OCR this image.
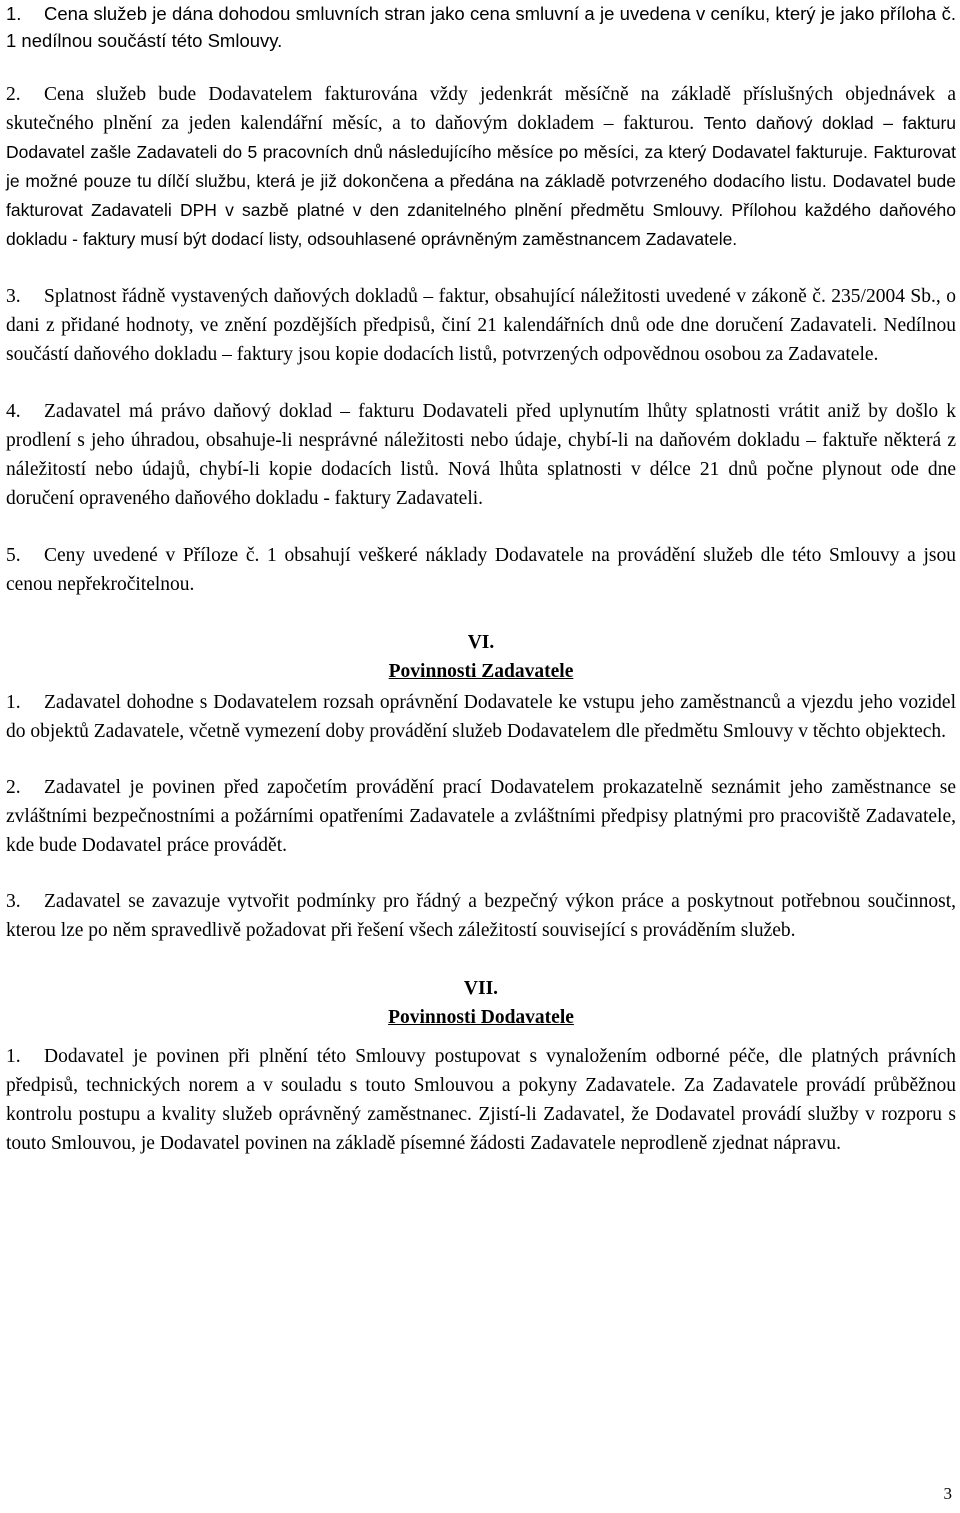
1. Cena služeb je dána dohodou smluvních stran jako cena smluvní a je uvedena v ceníku, který je jako příloha č. 1 nedílnou součástí této Smlouvy.

2. Cena služeb bude Dodavatelem fakturována vždy jedenkrát měsíčně na základě příslušných objednávek a skutečného plnění za jeden kalendářní měsíc, a to daňovým dokladem – fakturou. Tento daňový doklad – fakturu Dodavatel zašle Zadavateli do 5 pracovních dnů následujícího měsíce po měsíci, za který Dodavatel fakturuje. Fakturovat je možné pouze tu dílčí službu, která je již dokončena a předána na základě potvrzeného dodacího listu. Dodavatel bude fakturovat Zadavateli DPH v sazbě platné v den zdanitelného plnění předmětu Smlouvy. Přílohou každého daňového dokladu - faktury musí být dodací listy, odsouhlasené oprávněným zaměstnancem Zadavatele.

3. Splatnost řádně vystavených daňových dokladů – faktur, obsahující náležitosti uvedené v zákoně č. 235/2004 Sb., o dani z přidané hodnoty, ve znění pozdějších předpisů, činí 21 kalendářních dnů ode dne doručení Zadavateli. Nedílnou součástí daňového dokladu – faktury jsou kopie dodacích listů, potvrzených odpovědnou osobou za Zadavatele.

4. Zadavatel má právo daňový doklad – fakturu Dodavateli před uplynutím lhůty splatnosti vrátit aniž by došlo k prodlení s jeho úhradou, obsahuje-li nesprávné náležitosti nebo údaje, chybí-li na daňovém dokladu – faktuře některá z náležitostí nebo údajů, chybí-li kopie dodacích listů. Nová lhůta splatnosti v délce 21 dnů počne plynout ode dne doručení opraveného daňového dokladu - faktury Zadavateli.

5. Ceny uvedené v Příloze č. 1 obsahují veškeré náklady Dodavatele na provádění služeb dle této Smlouvy a jsou cenou nepřekročitelnou.

VI.
Povinnosti Zadavatele

1. Zadavatel dohodne s Dodavatelem rozsah oprávnění Dodavatele ke vstupu jeho zaměstnanců a vjezdu jeho vozidel do objektů Zadavatele, včetně vymezení doby provádění služeb Dodavatelem dle předmětu Smlouvy v těchto objektech.

2. Zadavatel je povinen před započetím provádění prací Dodavatelem prokazatelně seznámit jeho zaměstnance se zvláštními bezpečnostními a požárními opatřeními Zadavatele a zvláštními předpisy platnými pro pracoviště Zadavatele, kde bude Dodavatel práce provádět.

3. Zadavatel se zavazuje vytvořit podmínky pro řádný a bezpečný výkon práce a poskytnout potřebnou součinnost, kterou lze po něm spravedlivě požadovat při řešení všech záležitostí související s prováděním služeb.

VII.
Povinnosti Dodavatele

1. Dodavatel je povinen při plnění této Smlouvy postupovat s vynaložením odborné péče, dle platných právních předpisů, technických norem a v souladu s touto Smlouvou a pokyny Zadavatele. Za Zadavatele provádí průběžnou kontrolu postupu a kvality služeb oprávněný zaměstnanec. Zjistí-li Zadavatel, že Dodavatel provádí služby v rozporu s touto Smlouvou, je Dodavatel povinen na základě písemné žádosti Zadavatele neprodleně zjednat nápravu.

3
